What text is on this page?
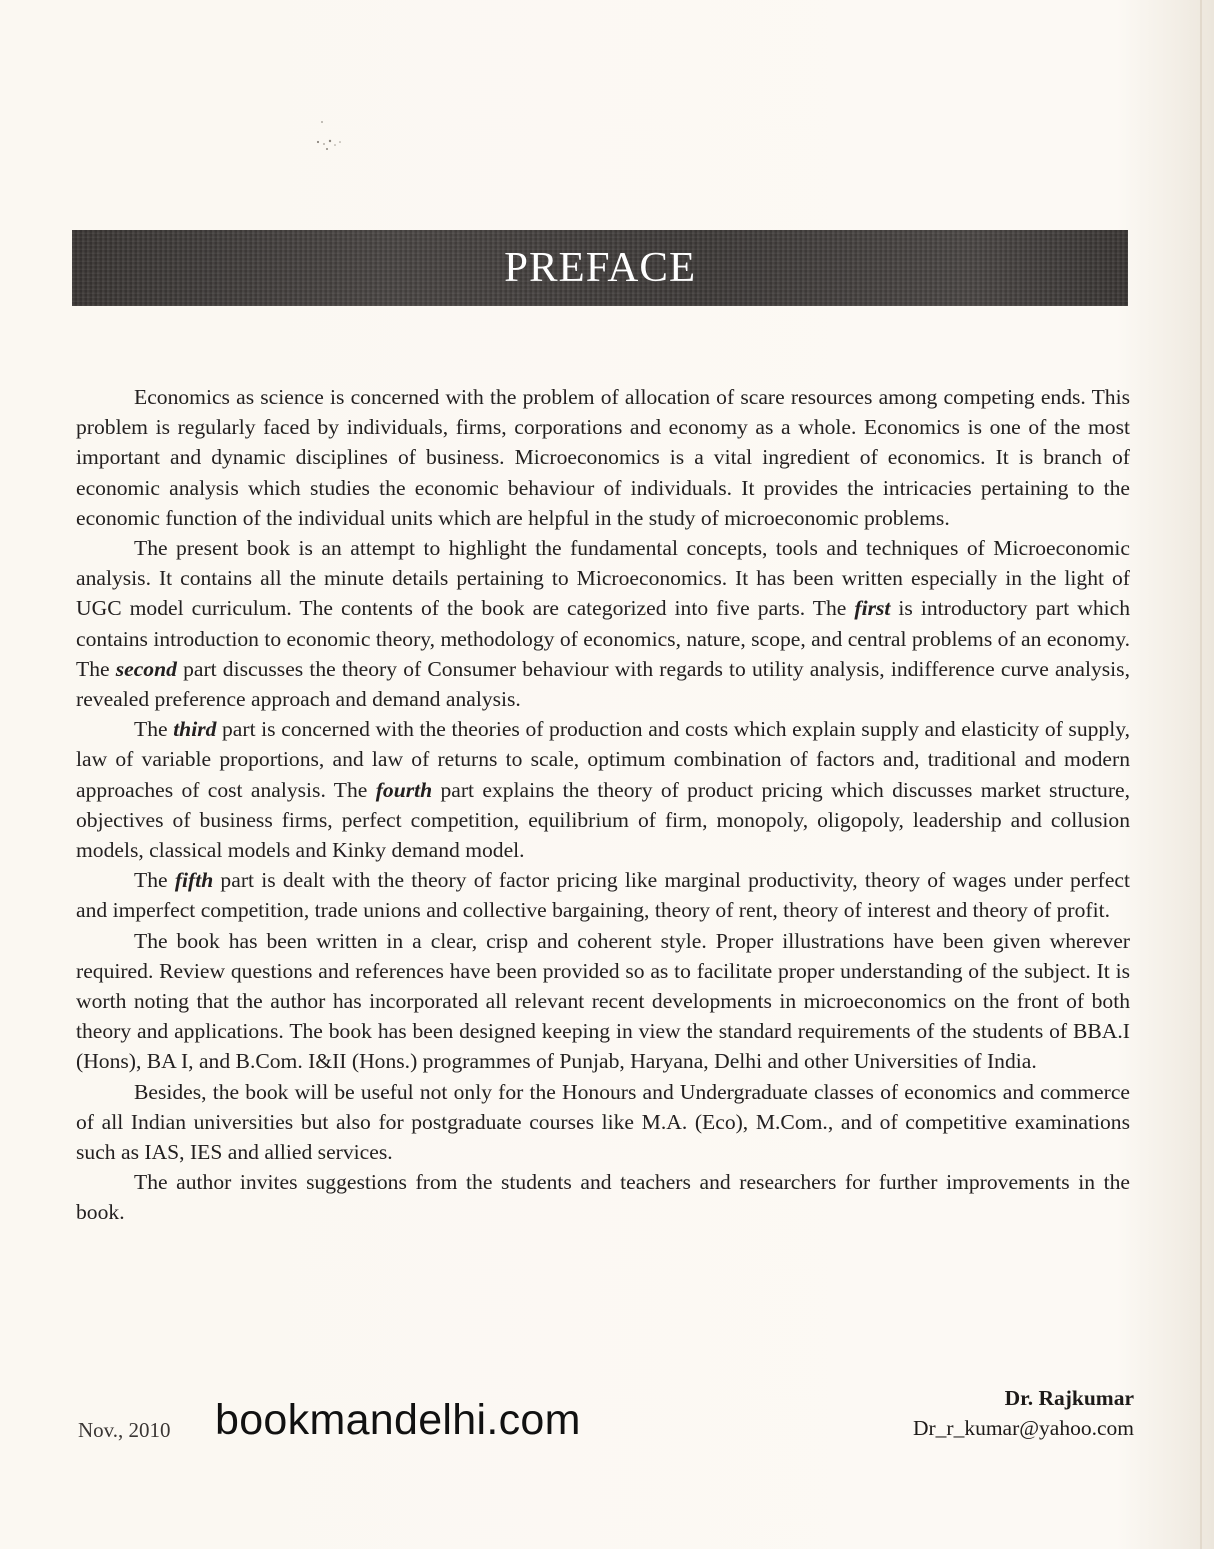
PREFACE

Economics as science is concerned with the problem of allocation of scare resources among competing ends. This problem is regularly faced by individuals, firms, corporations and economy as a whole. Economics is one of the most important and dynamic disciplines of business. Microeconomics is a vital ingredient of economics. It is branch of economic analysis which studies the economic behaviour of individuals. It provides the intricacies pertaining to the economic function of the individual units which are helpful in the study of microeconomic problems.

The present book is an attempt to highlight the fundamental concepts, tools and techniques of Microeconomic analysis. It contains all the minute details pertaining to Microeconomics. It has been written especially in the light of UGC model curriculum. The contents of the book are categorized into five parts. The first is introductory part which contains introduction to economic theory, methodology of economics, nature, scope, and central problems of an economy. The second part discusses the theory of Consumer behaviour with regards to utility analysis, indifference curve analysis, revealed preference approach and demand analysis.

The third part is concerned with the theories of production and costs which explain supply and elasticity of supply, law of variable proportions, and law of returns to scale, optimum combination of factors and, traditional and modern approaches of cost analysis. The fourth part explains the theory of product pricing which discusses market structure, objectives of business firms, perfect competition, equilibrium of firm, monopoly, oligopoly, leadership and collusion models, classical models and Kinky demand model.

The fifth part is dealt with the theory of factor pricing like marginal productivity, theory of wages under perfect and imperfect competition, trade unions and collective bargaining, theory of rent, theory of interest and theory of profit.

The book has been written in a clear, crisp and coherent style. Proper illustrations have been given wherever required. Review questions and references have been provided so as to facilitate proper understanding of the subject. It is worth noting that the author has incorporated all relevant recent developments in microeconomics on the front of both theory and applications. The book has been designed keeping in view the standard requirements of the students of BBA.I (Hons), BA I, and B.Com. I&II (Hons.) programmes of Punjab, Haryana, Delhi and other Universities of India.

Besides, the book will be useful not only for the Honours and Undergraduate classes of economics and commerce of all Indian universities but also for postgraduate courses like M.A. (Eco), M.Com., and of competitive examinations such as IAS, IES and allied services.

The author invites suggestions from the students and teachers and researchers for further improvements in the book.

Dr. Rajkumar
Dr_r_kumar@yahoo.com
Nov., 2010 bookmandelhi.com
